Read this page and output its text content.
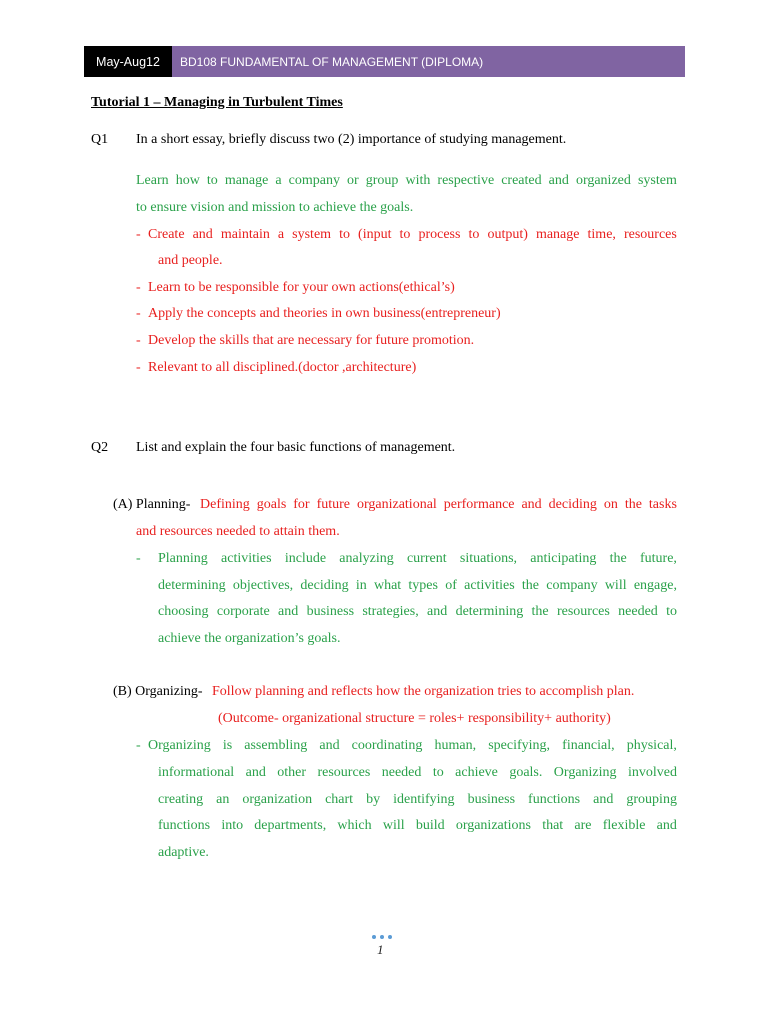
May-Aug12	BD108 FUNDAMENTAL OF MANAGEMENT (DIPLOMA)
Tutorial 1 – Managing in Turbulent Times
Q1 In a short essay, briefly discuss two (2) importance of studying management.
Learn how to manage a company or group with respective created and organized system
to ensure vision and mission to achieve the goals.
- Create and maintain a system to (input to process to output) manage time, resources
and people.
- Learn to be responsible for your own actions(ethical’s)
- Apply the concepts and theories in own business(entrepreneur)
- Develop the skills that are necessary for future promotion.
- Relevant to all disciplined.(doctor ,architecture)
Q2 List and explain the four basic functions of management.
(A) Planning- Defining goals for future organizational performance and deciding on the tasks
and resources needed to attain them.
- Planning activities include analyzing current situations, anticipating the future,
determining objectives, deciding in what types of activities the company will engage,
choosing corporate and business strategies, and determining the resources needed to
achieve the organization’s goals.
(B) Organizing- Follow planning and reflects how the organization tries to accomplish plan.
(Outcome- organizational structure = roles+ responsibility+ authority)
- Organizing is assembling and coordinating human, specifying, financial, physical,
informational and other resources needed to achieve goals. Organizing involved
creating an organization chart by identifying business functions and grouping
functions into departments, which will build organizations that are flexible and
adaptive.
1
